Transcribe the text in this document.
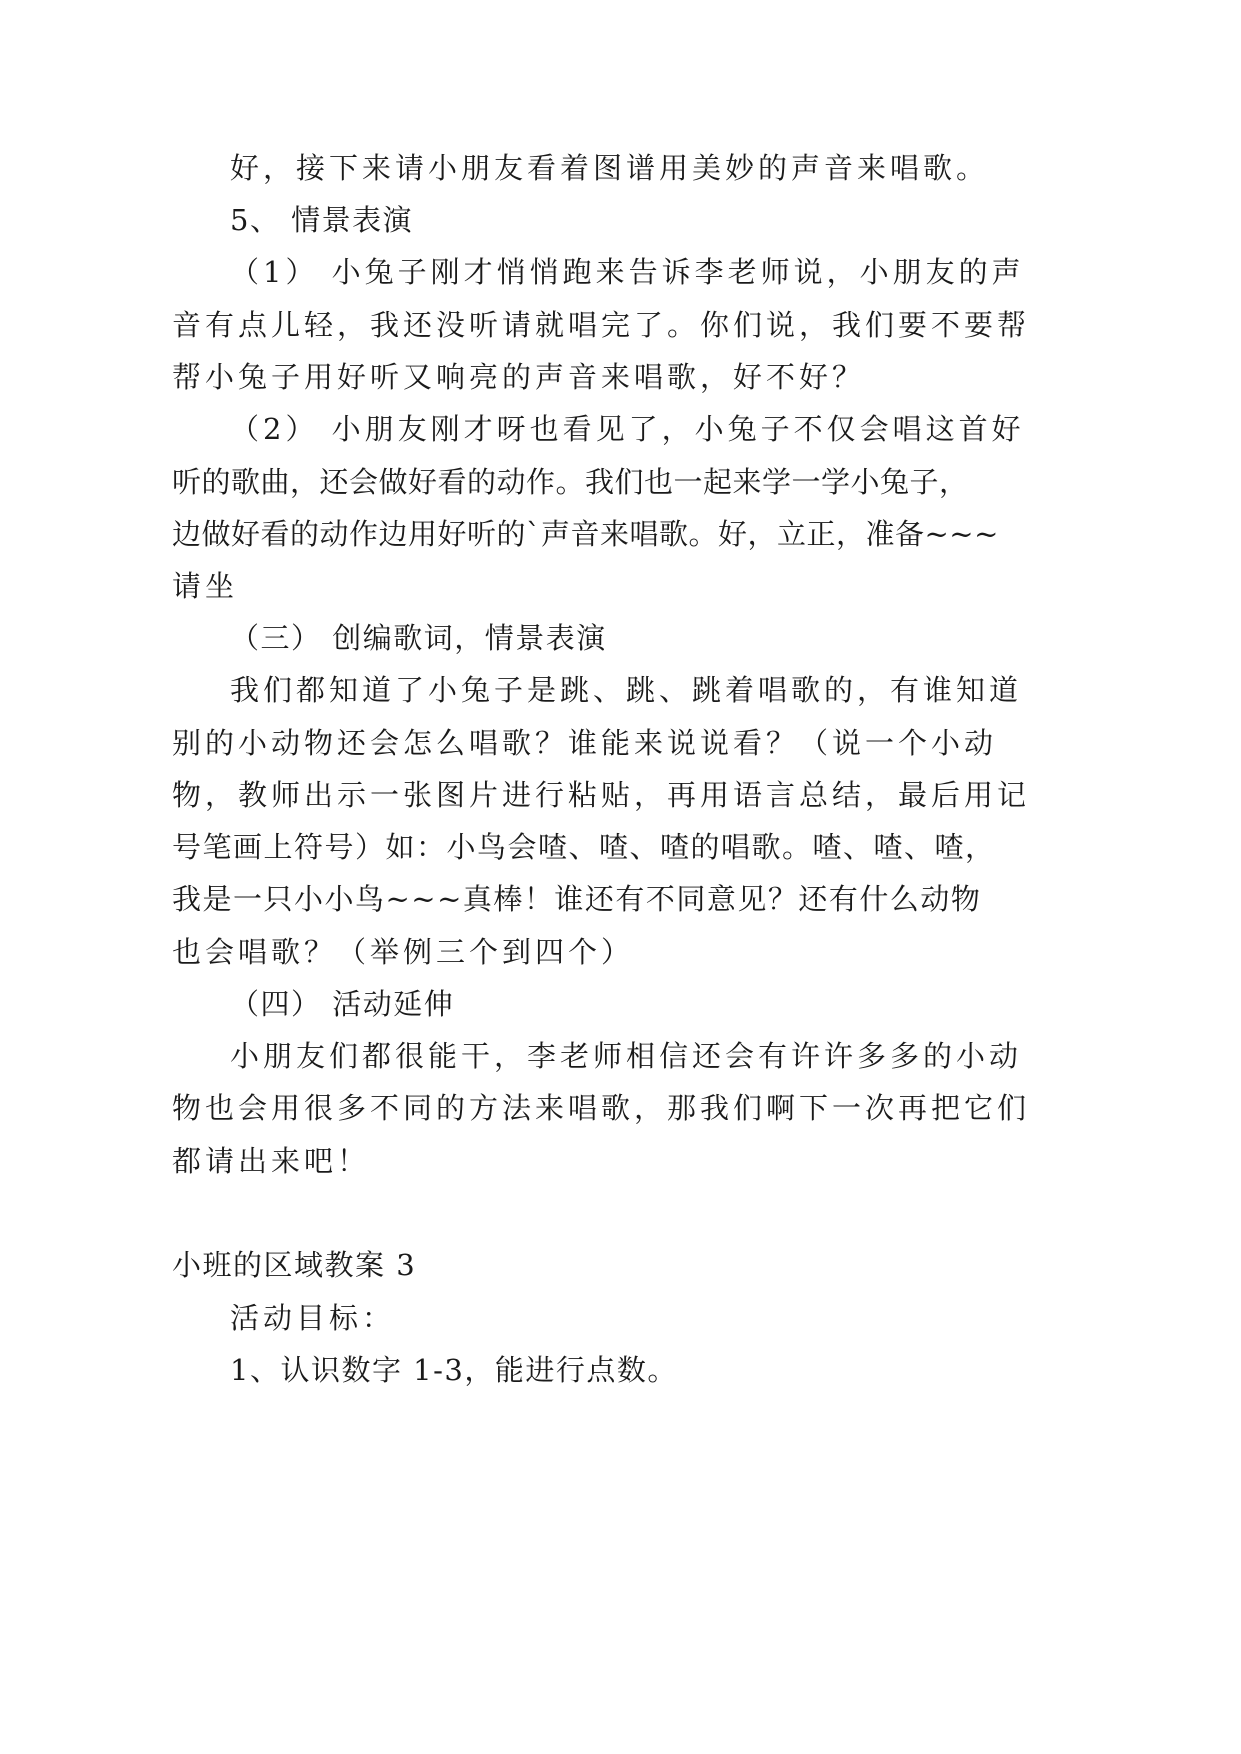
好，接下来请小朋友看着图谱用美妙的声音来唱歌。

5、 情景表演

（1） 小兔子刚才悄悄跑来告诉李老师说，小朋友的声

音有点儿轻，我还没听请就唱完了。你们说，我们要不要帮

帮小兔子用好听又响亮的声音来唱歌，好不好？

（2） 小朋友刚才呀也看见了，小兔子不仅会唱这首好

听的歌曲，还会做好看的动作。我们也一起来学一学小兔子，

边做好看的动作边用好听的`声音来唱歌。好，立正，准备~~~

请坐

（三） 创编歌词，情景表演

我们都知道了小兔子是跳、跳、跳着唱歌的，有谁知道

别的小动物还会怎么唱歌？谁能来说说看？（说一个小动

物，教师出示一张图片进行粘贴，再用语言总结，最后用记

号笔画上符号）如：小鸟会喳、喳、喳的唱歌。喳、喳、喳，

我是一只小小鸟~~~真棒！谁还有不同意见？还有什么动物

也会唱歌？（举例三个到四个）

（四） 活动延伸

小朋友们都很能干，李老师相信还会有许许多多的小动

物也会用很多不同的方法来唱歌，那我们啊下一次再把它们

都请出来吧！

小班的区域教案 3

活动目标：

1、认识数字 1-3，能进行点数。
